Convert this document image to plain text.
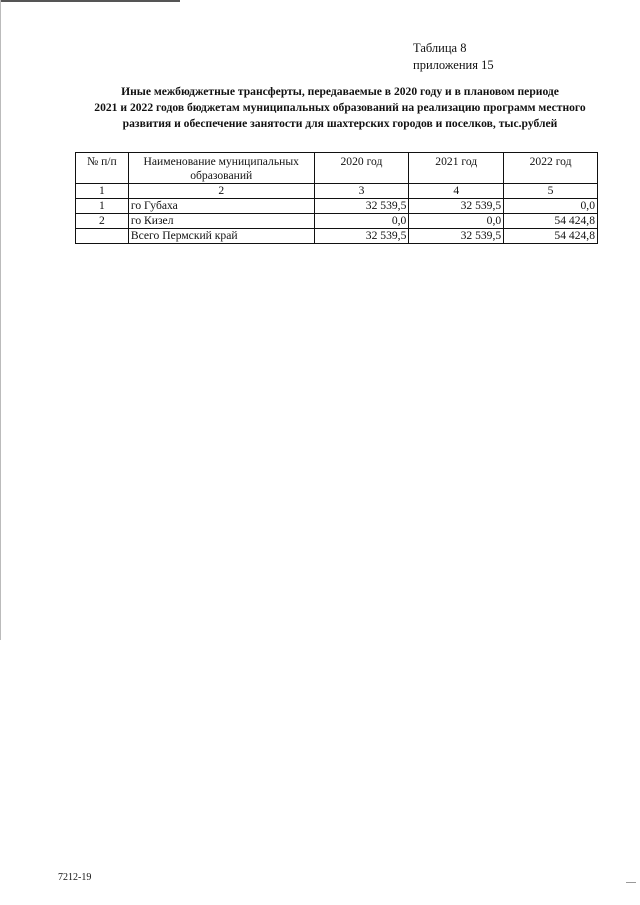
Таблица 8
приложения 15
Иные межбюджетные трансферты, передаваемые в 2020 году и в плановом периоде
2021 и 2022 годов бюджетам муниципальных образований на реализацию программ местного
развития и обеспечение занятости для шахтерских городов и поселков, тыс.рублей
№ п/п	Наименование муниципальных образований	2020 год	2021 год	2022 год
1	2	3	4	5
1	го Губаха	32 539,5	32 539,5	0,0
2	го Кизел	0,0	0,0	54 424,8
	Всего Пермский край	32 539,5	32 539,5	54 424,8
7212-19
